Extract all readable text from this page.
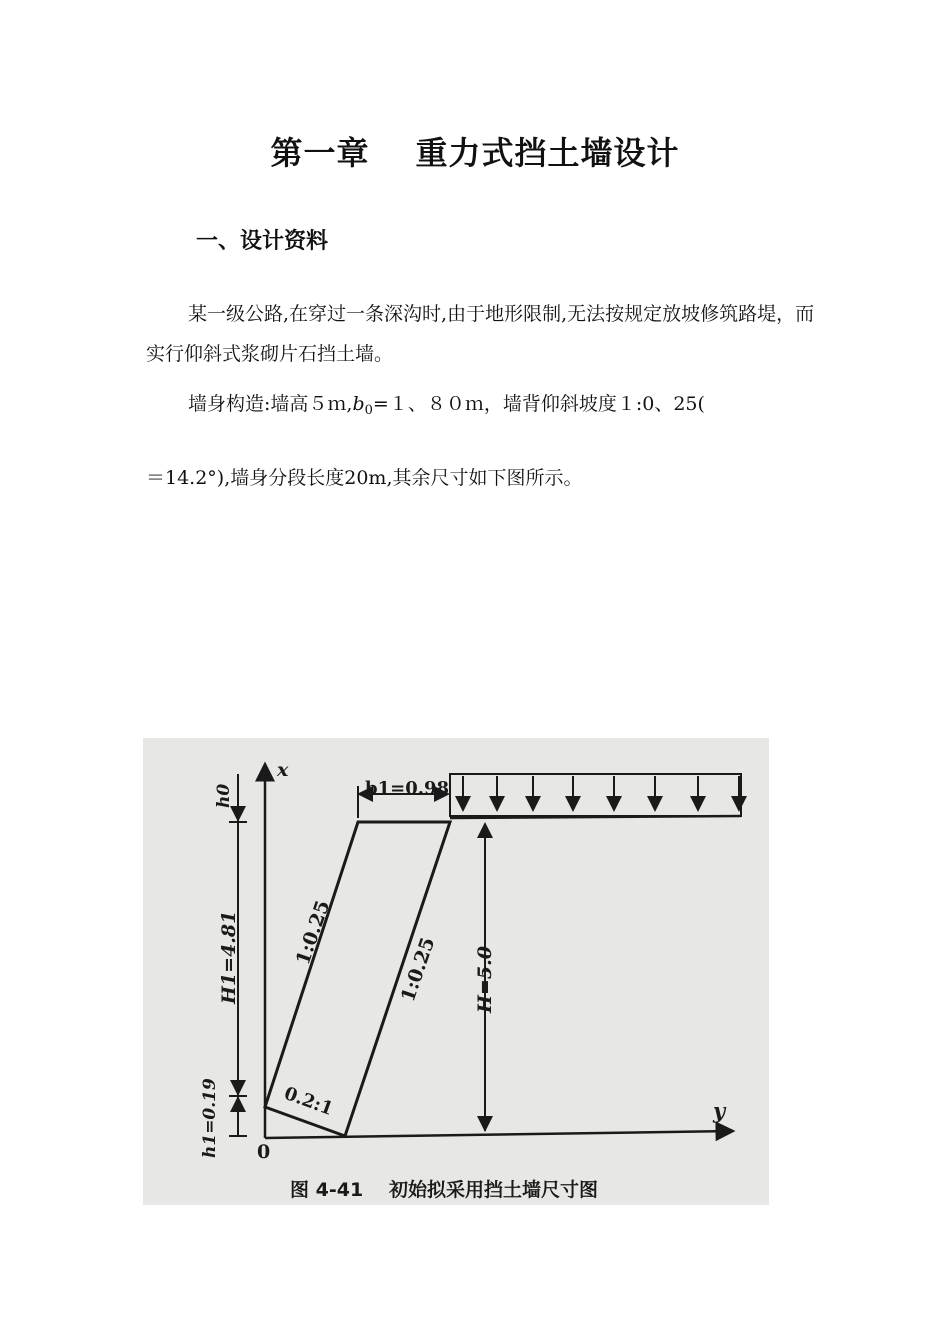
第一章 重力式挡土墙设计
一、设计资料
某一级公路,在穿过一条深沟时,由于地形限制,无法按规定放坡修筑路堤，而实行仰斜式浆砌片石挡土墙。
墙身构造:墙高$5m,b_0=1$、８０ｍ，墙背仰斜坡度１:0、25(
＝14.2°),墙身分段长度20m,其余尺寸如下图所示。
x
y
0
b1=0.98
h0
H1=4.81
h1=0.19
1:0.25
1:0.25 H=5.0
0.2:1
图 4-41 初始拟采用挡土墙尺寸图
